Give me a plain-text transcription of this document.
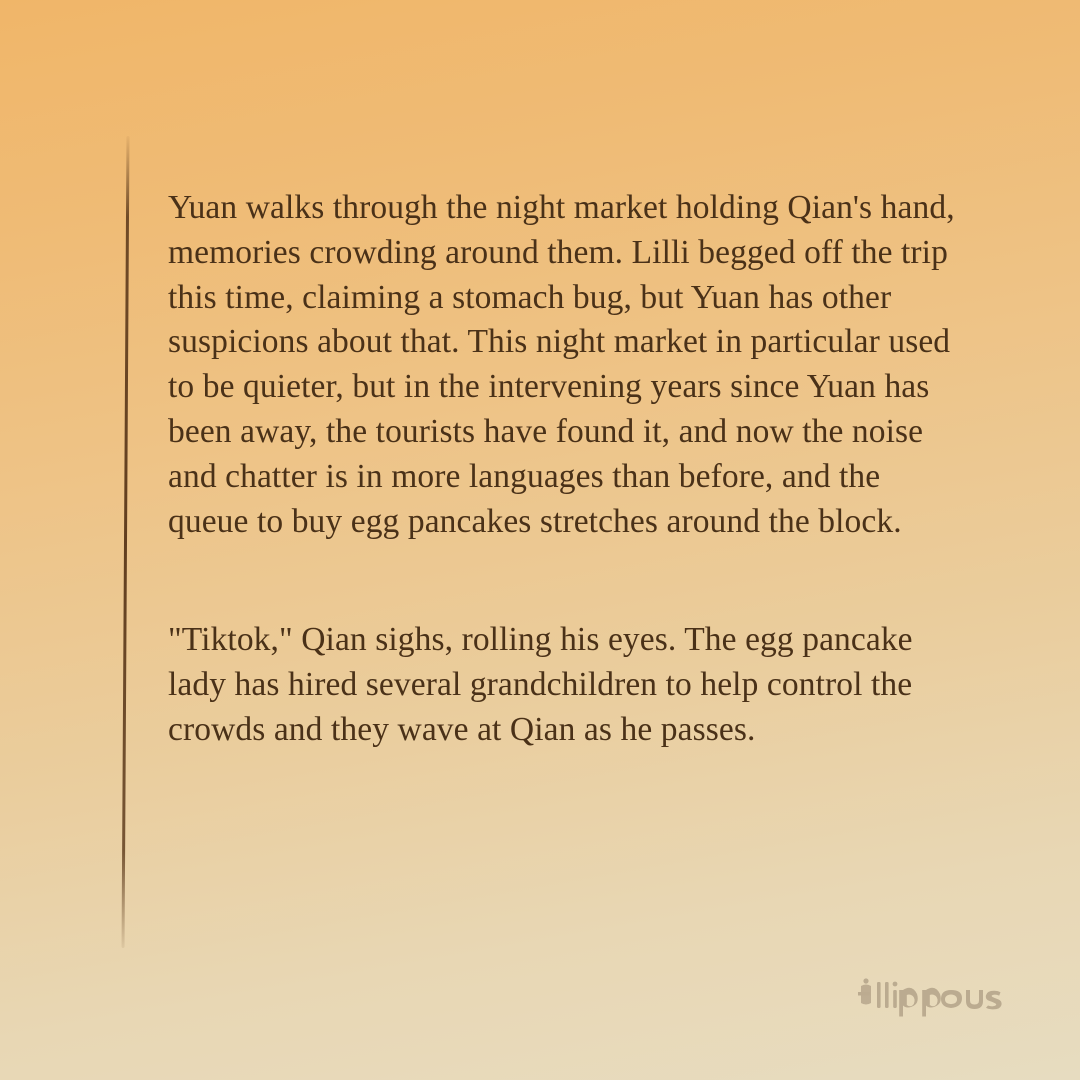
Yuan walks through the night market holding Qian's hand, memories crowding around them. Lilli begged off the trip this time, claiming a stomach bug, but Yuan has other suspicions about that. This night market in particular used to be quieter, but in the intervening years since Yuan has been away, the tourists have found it, and now the noise and chatter is in more languages than before, and the queue to buy egg pancakes stretches around the block.

"Tiktok," Qian sighs, rolling his eyes. The egg pancake lady has hired several grandchildren to help control the crowds and they wave at Qian as he passes.
